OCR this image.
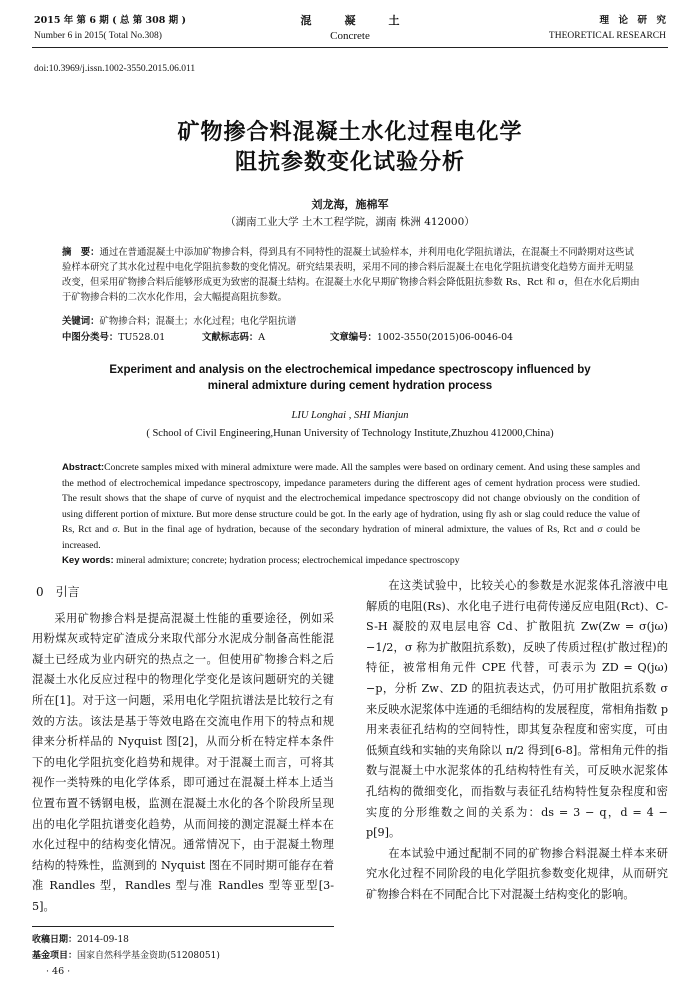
2015 年 第 6 期 ( 总 第 308 期 )
Number 6 in 2015( Total No.308)
混　　　凝　　　土
Concrete
理　论　研　究
THEORETICAL RESEARCH
doi:10.3969/j.issn.1002-3550.2015.06.011
矿物掺合料混凝土水化过程电化学
阻抗参数变化试验分析
刘龙海，施棉军
（湖南工业大学 土木工程学院，湖南 株洲 412000）
摘　要：通过在普通混凝土中添加矿物掺合料，得到具有不同特性的混凝土试验样本，并利用电化学阻抗谱法，在混凝土不同龄期对这些试验样本研究了其水化过程中电化学阻抗参数的变化情况。研究结果表明，采用不同的掺合料后混凝土在电化学阻抗谱变化趋势方面并无明显改变，但采用矿物掺合料后能够形成更为致密的混凝土结构。在混凝土水化早期矿物掺合料会降低阻抗参数 Rs、Rct 和 σ，但在水化后期由于矿物掺合料的二次水化作用，会大幅提高阻抗参数。
关键词：矿物掺合料；混凝土；水化过程；电化学阻抗谱
中图分类号：TU528.01	文献标志码：A	文章编号：1002-3550(2015)06-0046-04
Experiment and analysis on the electrochemical impedance spectroscopy influenced by mineral admixture during cement hydration process
LIU Longhai , SHI Mianjun
( School of Civil Engineering,Hunan University of Technology Institute,Zhuzhou 412000,China)
Abstract:Concrete samples mixed with mineral admixture were made. All the samples were based on ordinary cement. And using these samples and the method of electrochemical impedance spectroscopy, impedance parameters during the different ages of cement hydration process were studied. The result shows that the shape of curve of nyquist and the electrochemical impedance spectroscopy did not change obviously on the condition of using different portion of mixture. But more dense structure could be got. In the early age of hydration, using fly ash or slag could reduce the value of Rs, Rct and σ. But in the final age of hydration, because of the secondary hydration of mineral admixture, the values of Rs, Rct and σ could be increased.
Key words: mineral admixture; concrete; hydration process; electrochemical impedance spectroscopy
0　引言

采用矿物掺合料是提高混凝土性能的重要途径，例如采用粉煤灰或特定矿渣成分来取代部分水泥成分制备高性能混凝土已经成为业内研究的热点之一。但使用矿物掺合料之后混凝土水化反应过程中的物理化学变化是该问题研究的关键所在[1]。对于这一问题，采用电化学阻抗谱法是比较行之有效的方法。该法是基于等效电路在交流电作用下的特点和规律来分析样品的 Nyquist 图[2]，从而分析在特定样本条件下的电化学阻抗变化趋势和规律。对于混凝土而言，可将其视作一类特殊的电化学体系，即可通过在混凝土样本上适当位置布置不锈钢电极，监测在混凝土水化的各个阶段所呈现出的电化学阻抗谱变化趋势，从而间接的测定混凝土样本在水化过程中的结构变化情况。通常情况下，由于混凝土物理结构的特殊性，监测到的 Nyquist 图在不同时期可能存在着准 Randles 型，Randles 型与准 Randles 型等亚型[3-5]。

在这类试验中，比较关心的参数是水泥浆体孔溶液中电解质的电阻(Rs)、水化电子进行电荷传递反应电阻(Rct)、C-S-H 凝胶的双电层电容 Cd、扩散阻抗 Zw(Zw = σ(jω)−1/2，σ 称为扩散阻抗系数)，反映了传质过程(扩散过程)的特征，被常相角元件 CPE 代替，可表示为 ZD = Q(jω)−p，分析 Zw、ZD 的阻抗表达式，仍可用扩散阻抗系数 σ 来反映水泥浆体中连通的毛细结构的发展程度，常相角指数 p 用来表征孔结构的空间特性，即其复杂程度和密实度，可由低频直线和实轴的夹角除以 π/2 得到[6-8]。常相角元件的指数与混凝土中水泥浆体的孔结构特性有关，可反映水泥浆体孔结构的微细变化，而指数与表征孔结构特性复杂程度和密实度的分形维数之间的关系为：ds = 3 − q，d = 4 − p[9]。

在本试验中通过配制不同的矿物掺合料混凝土样本来研究水化过程不同阶段的电化学阻抗参数变化规律，从而研究矿物掺合料在不同配合比下对混凝土结构变化的影响。

收稿日期：2014-09-18
基金项目：国家自然科学基金资助(51208051)
· 46 ·
